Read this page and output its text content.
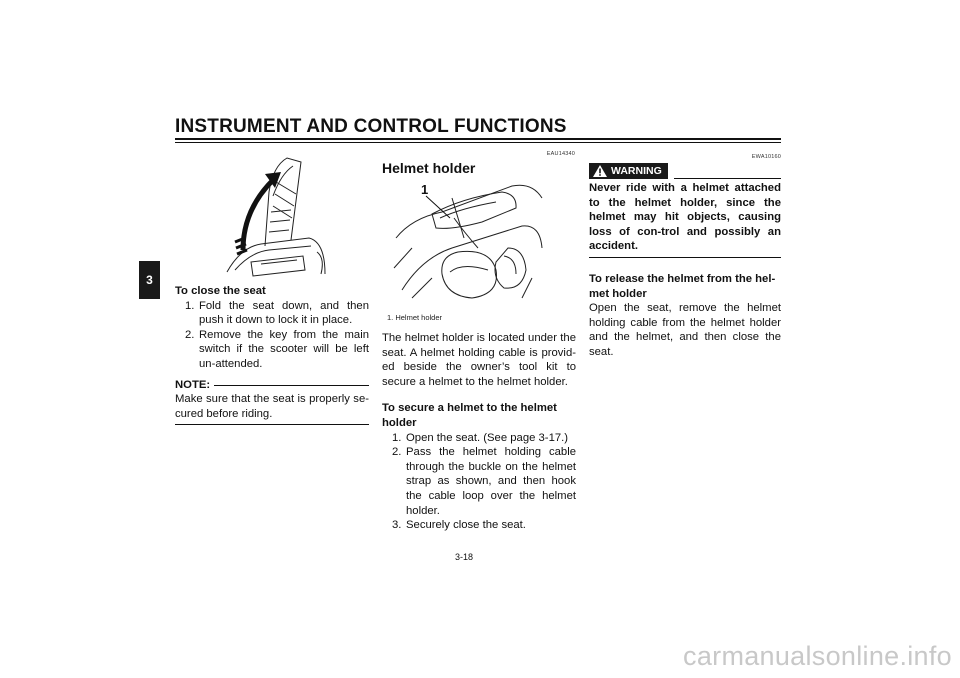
INSTRUMENT AND CONTROL FUNCTIONS
3

To close the seat

1. Fold the seat down, and then push it down to lock it in place.
2. Remove the key from the main switch if the scooter will be left un-attended.
NOTE:

Make sure that the seat is properly se-cured before riding.

EAU14340
Helmet holder
1
1. Helmet holder

The helmet holder is located under the seat. A helmet holding cable is provid-ed beside the owner’s tool kit to secure a helmet to the helmet holder.

To secure a helmet to the helmet holder

1. Open the seat. (See page 3-17.)
2. Pass the helmet holding cable through the buckle on the helmet strap as shown, and then hook the cable loop over the helmet holder.
3. Securely close the seat.
EWA10160
WARNING

Never ride with a helmet attached to the helmet holder, since the helmet may hit objects, causing loss of con-trol and possibly an accident.

To release the helmet from the hel-met holder

Open the seat, remove the helmet holding cable from the helmet holder and the helmet, and then close the seat.

3-18
carmanualsonline.info
